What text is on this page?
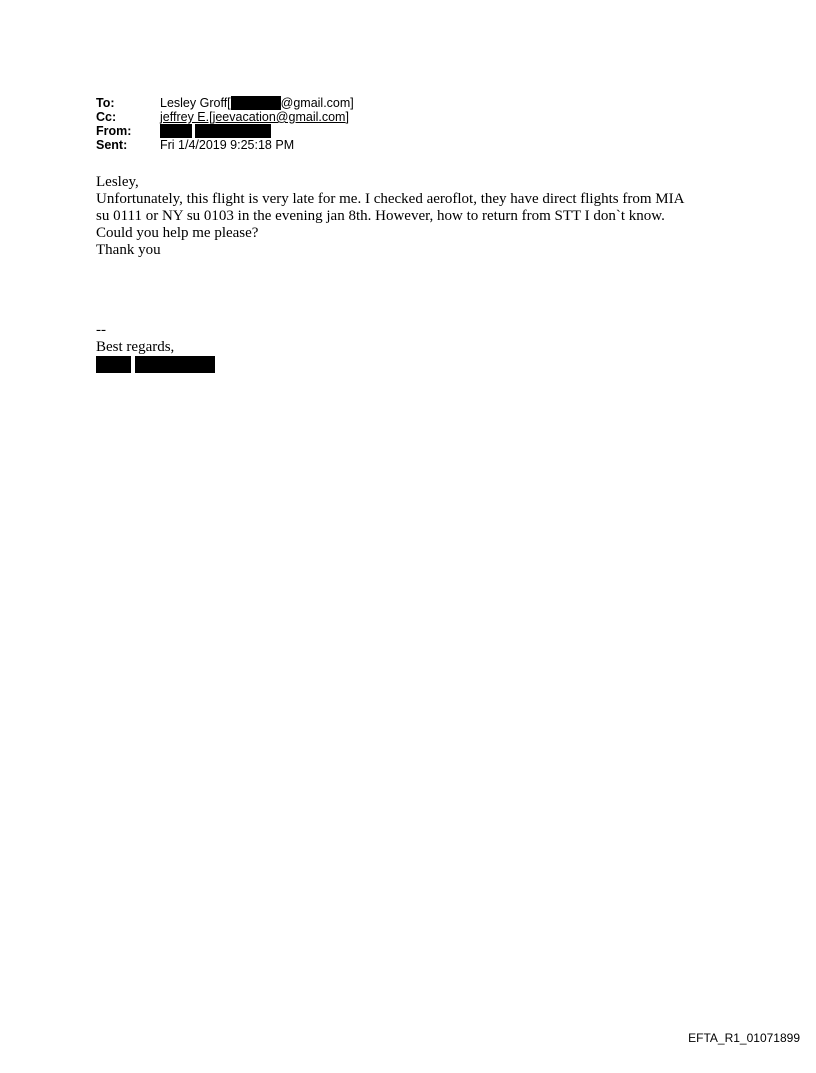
To:	Lesley Groff[	@gmail.com]
Cc:	jeffrey E.[jeevacation@gmail.com]
From:
Sent:	Fri 1/4/2019 9:25:18 PM

Lesley,

Unfortunately, this flight is very late for me. I checked aeroflot, they have direct flights from MIA

su 0111 or NY su 0103 in the evening jan 8th. However, how to return from STT I don`t know.

Could you help me please?

Thank you

--

Best regards,

EFTA_R1_01071899
